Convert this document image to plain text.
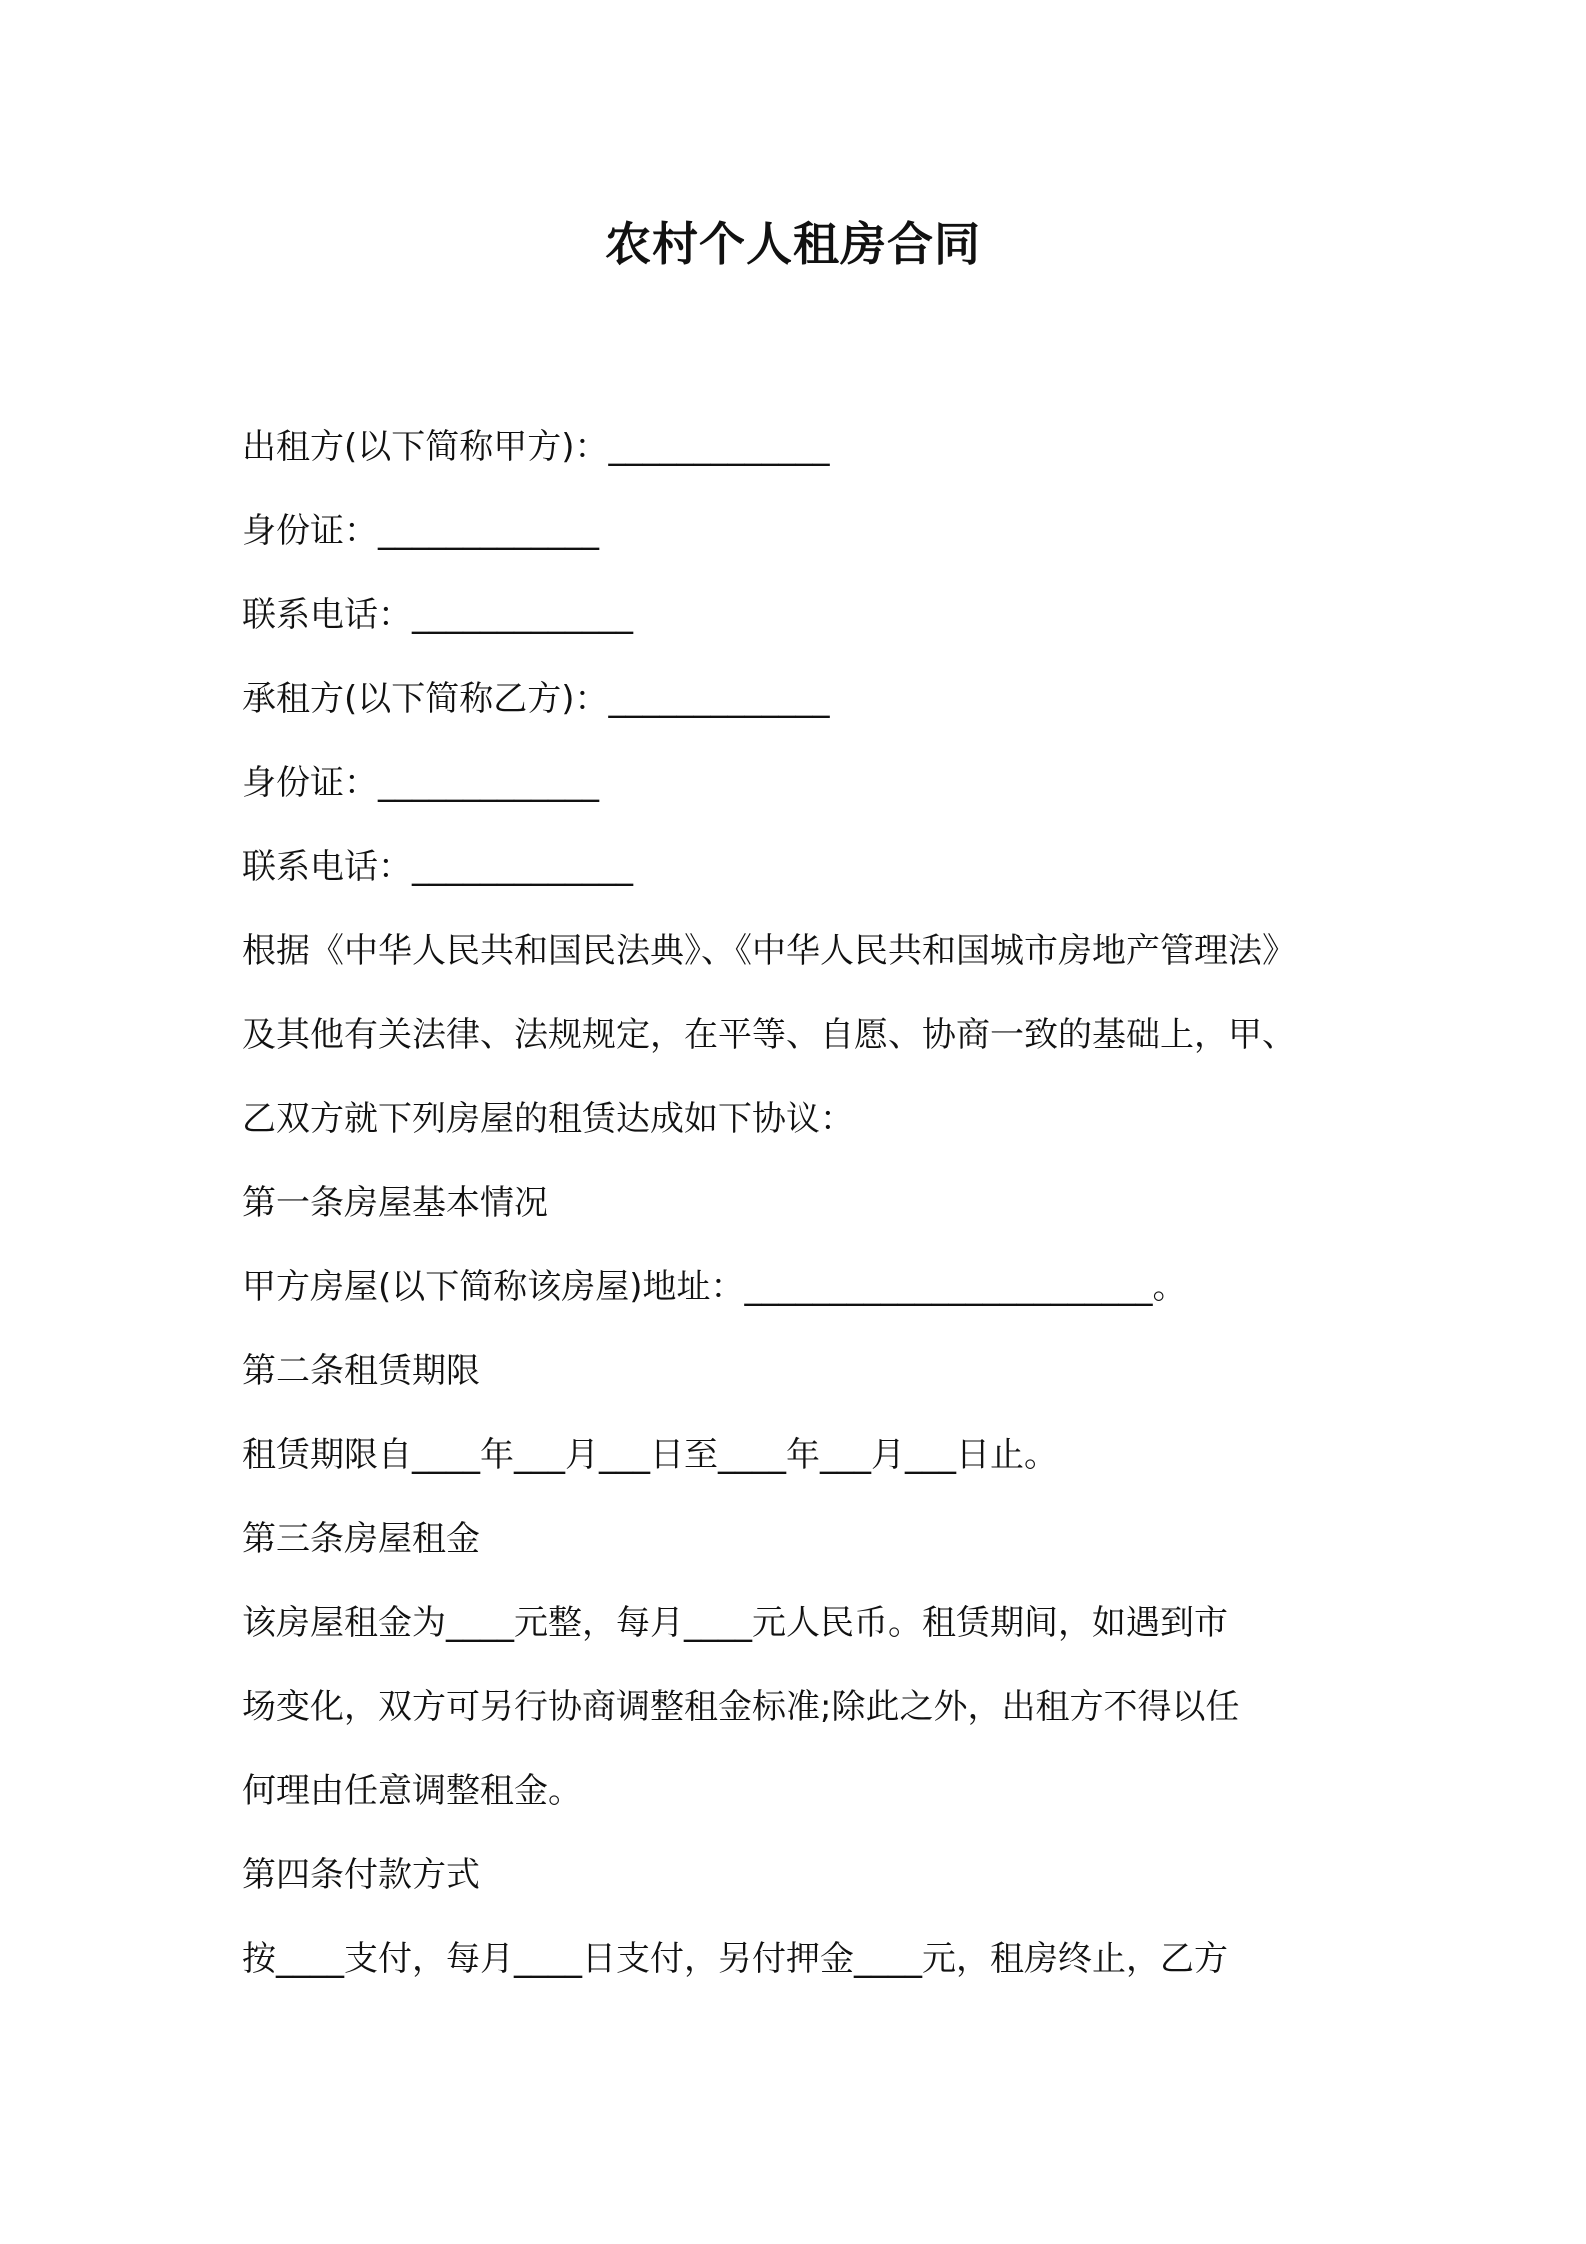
农村个人租房合同
出租方(以下简称甲方)：_____________
身份证：_____________
联系电话：_____________
承租方(以下简称乙方)：_____________
身份证：_____________
联系电话：_____________
根据《中华人民共和国民法典》、《中华人民共和国城市房地产管理法》
及其他有关法律、法规规定，在平等、自愿、协商一致的基础上，甲、
乙双方就下列房屋的租赁达成如下协议：
第一条房屋基本情况
甲方房屋(以下简称该房屋)地址：________________________。
第二条租赁期限
租赁期限自____年___月___日至____年___月___日止。
第三条房屋租金
该房屋租金为____元整，每月____元人民币。租赁期间，如遇到市
场变化，双方可另行协商调整租金标准;除此之外，出租方不得以任
何理由任意调整租金。
第四条付款方式
按____支付，每月____日支付，另付押金____元，租房终止，乙方
